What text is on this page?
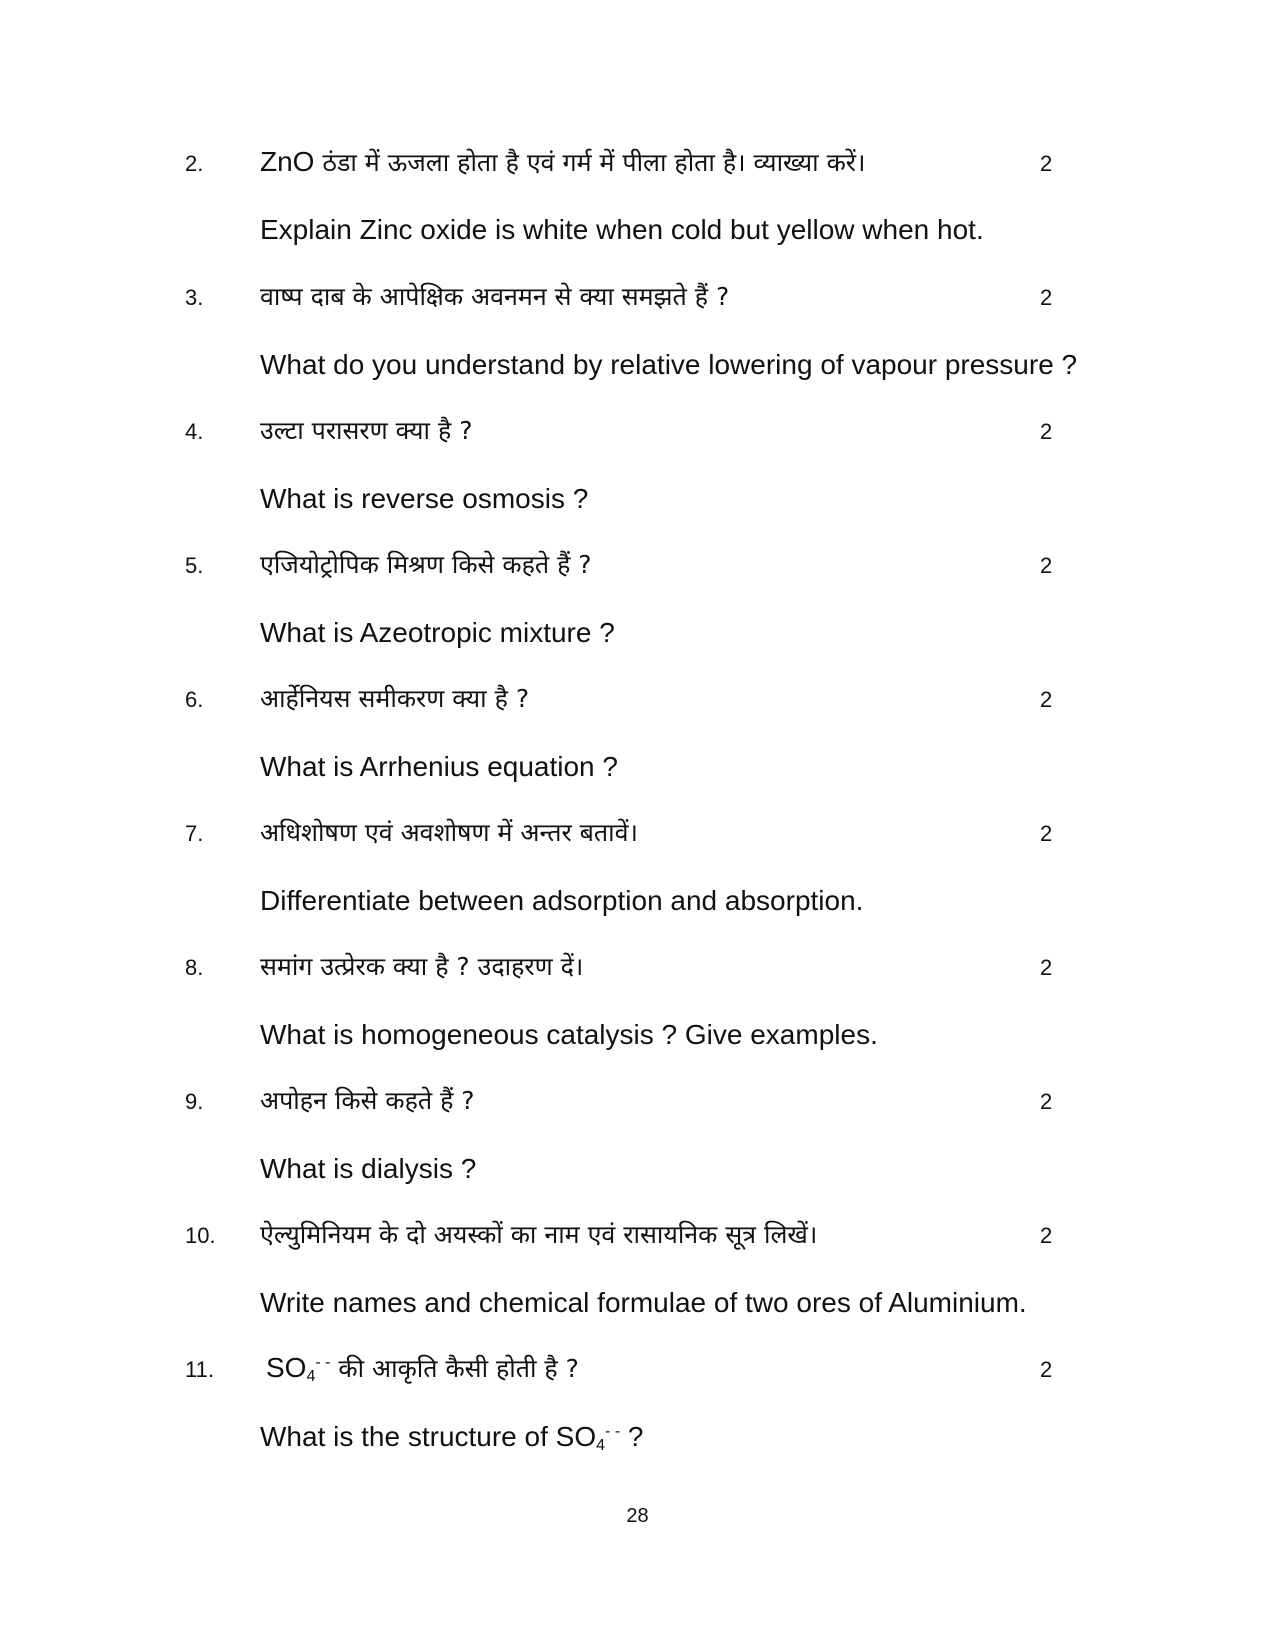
2. ZnO ठंडा में ऊजला होता है एवं गर्म में पीला होता है। व्याख्या करें।	2
Explain Zinc oxide is white when cold but yellow when hot.
3. वाष्प दाब के आपेक्षिक अवनमन से क्या समझते हैं ?	2
What do you understand by relative lowering of vapour pressure ?
4. उल्टा परासरण क्या है ?	2
What is reverse osmosis ?
5. एजियोट्रोपिक मिश्रण किसे कहते हैं ?	2
What is Azeotropic mixture ?
6. आर्हेनियस समीकरण क्या है ?	2
What is Arrhenius equation ?
7. अधिशोषण एवं अवशोषण में अन्तर बतावें।	2
Differentiate between adsorption and absorption.
8. समांग उत्प्रेरक क्या है ? उदाहरण दें।	2
What is homogeneous catalysis ? Give examples.
9. अपोहन किसे कहते हैं ?	2
What is dialysis ?
10. ऐल्युमिनियम के दो अयस्कों का नाम एवं रासायनिक सूत्र लिखें।	2
Write names and chemical formulae of two ores of Aluminium.
11. $SO_4^{- -}$ की आकृति कैसी होती है ?	2
What is the structure of $SO_4^{- -}$ ?
28
